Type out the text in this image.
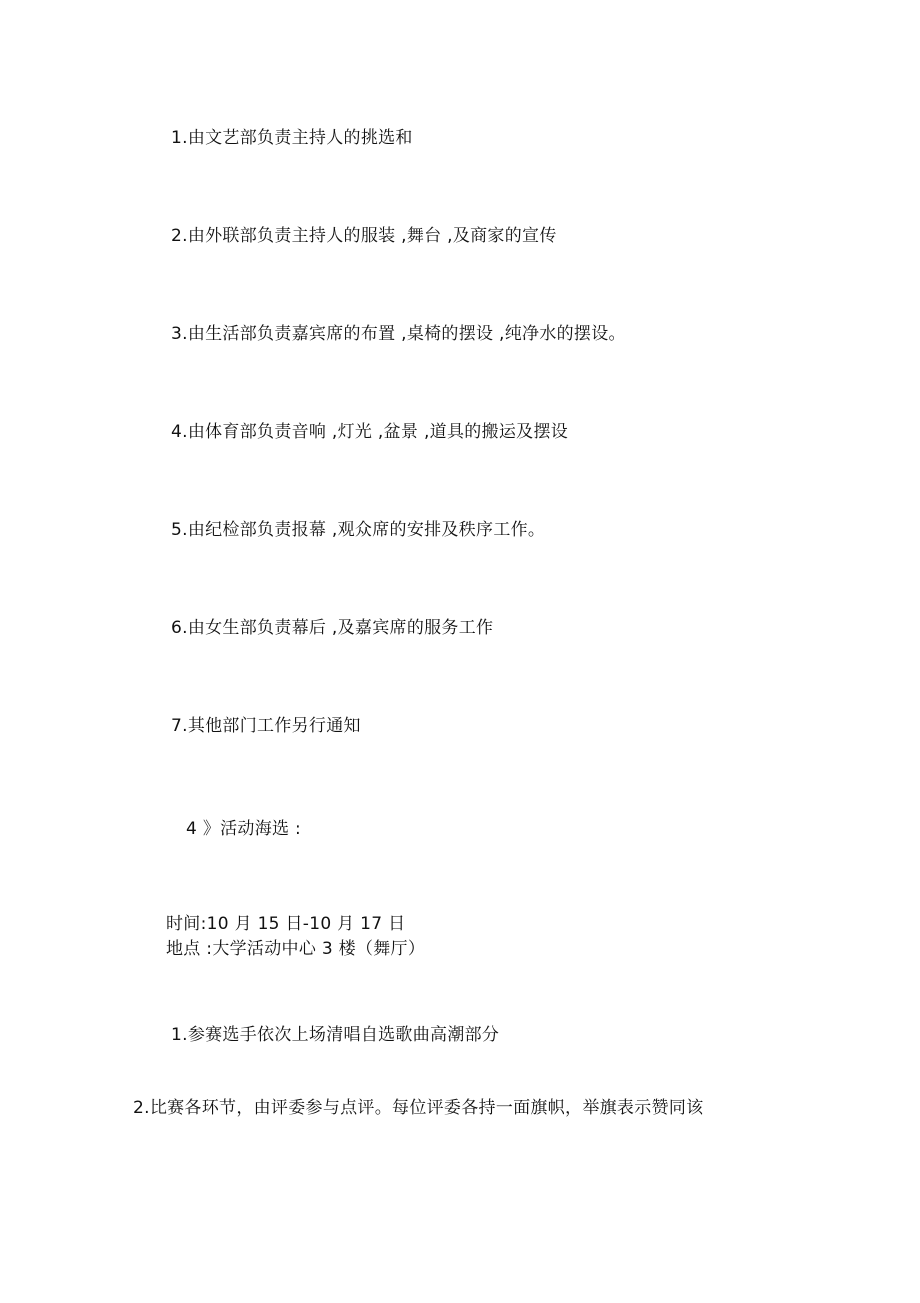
1.由文艺部负责主持人的挑选和
2.由外联部负责主持人的服装 ,舞台 ,及商家的宣传
3.由生活部负责嘉宾席的布置 ,桌椅的摆设 ,纯净水的摆设。
4.由体育部负责音响 ,灯光 ,盆景 ,道具的搬运及摆设
5.由纪检部负责报幕 ,观众席的安排及秩序工作。
6.由女生部负责幕后 ,及嘉宾席的服务工作
7.其他部门工作另行通知
4 》活动海选 :
时间:10 月 15 日-10 月 17 日
地点 :大学活动中心 3 楼（舞厅）
1.参赛选手依次上场清唱自选歌曲高潮部分
2.比赛各环节，由评委参与点评。每位评委各持一面旗帜，举旗表示赞同该
